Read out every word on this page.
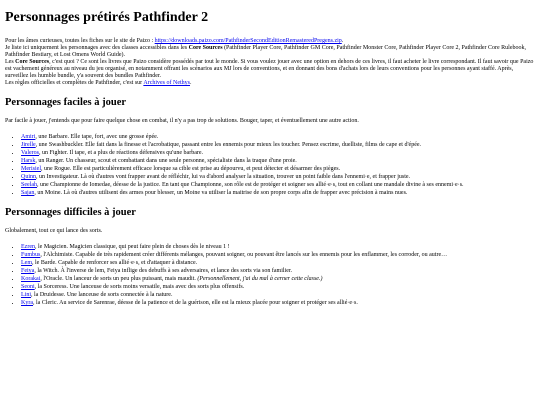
Personnages prétirés Pathfinder 2

Pour les âmes curieuses, toutes les fiches sur le site de Paizo : https://downloads.paizo.com/PathfinderSecondEditionRemasteredPregens.zip.
Je liste ici uniquement les personnages avec des classes accessibles dans les Core Sources (Pathfinder Player Core, Pathfinder GM Core, Pathfinder Monster Core, Pathfinder Player Core 2, Pathfinder Core Rulebook, Pathfinder Bestiary, et Lost Omens World Guide).
Les Core Sources, c'est quoi ? Ce sont les livres que Paizo considère possédés par tout le monde. Si vous voulez jouer avec une option en dehors de ces livres, il faut acheter le livre correspondant. Il faut savoir que Paizo est vachement généreux au niveau du jeu organisé, en notamment offrant les scénarios aux MJ lors de conventions, et en donnant des bons d'achats lors de leurs conventions pour les personnes ayant staffé. Après, surveillez les humble bundle, y'a souvent des bundles Pathfinder.
Les règles officielles et complètes de Pathfinder, c'est sur Archives of Nethys.

Personnages faciles à jouer

Par facile à jouer, j'entends que pour faire quelque chose en combat, il n'y a pas trop de solutions. Bouger, taper, et éventuellement une autre action.

• Amiri, une Barbare. Elle tape, fort, avec une grosse épée.
• Jirelle, une Swashbuckler. Elle fait dans la finesse et l'acrobatique, passant entre les ennemis pour mieux les toucher. Pensez escrime, duelliste, films de cape et d'épée.
• Valeros, un Fighter. Il tape, et a plus de réactions défensives qu'une barbare.
• Harsk, un Ranger. Un chasseur, scout et combattant dans une seule personne, spécialiste dans la traque d'une proie.
• Merisiel, une Rogue. Elle est particulièrement efficace lorsque sa cible est prise au dépourvu, et peut détecter et désarmer des pièges.
• Quinn, un Investigateur. Là où d'autres vont frapper avant de réfléchir, lui va d'abord analyser la situation, trouver un point faible dans l'ennemi·e, et frapper juste.
• Seelah, une Championne de Iomedae, déesse de la justice. En tant que Championne, son rôle est de protéger et soigner ses allié·e·s, tout en collant une mandale divine à ses ennemi·e·s.
• Sajan, un Moine. Là où d'autres utilisent des armes pour blesser, un Moine va utiliser la maitrise de son propre corps afin de frapper avec précision à mains nues.
Personnages difficiles à jouer

Globalement, tout ce qui lance des sorts.

• Ezren, le Magicien. Magicien classique, qui peut faire plein de choses dès le niveau 1 !
• Fumbus, l'Alchimiste. Capable de très rapidement créer différents mélanges, pouvant soigner, ou pouvant être lancés sur les ennemis pour les enflammer, les corroder, ou autre…
• Lem, le Barde. Capable de renforcer ses allié·e·s, et d'attaquer à distance.
• Feiya, la Witch. À l'inverse de lem, Feiya inflige des debuffs à ses adversaires, et lance des sorts via son familier.
• Korakai, l'Oracle. Un lanceur de sorts un peu plus puissant, mais maudit. (Personnellement, j'ai du mal à cerner cette classe.)
• Seoni, la Sorceress. Une lanceuse de sorts moins versatile, mais avec des sorts plus offensifs.
• Lini, la Druidesse. Une lanceuse de sorts connectée à la nature.
• Kyra, la Cleric. Au service de Sarenrae, déesse de la patience et de la guérison, elle est la mieux placée pour soigner et protéger ses allié·e·s.
